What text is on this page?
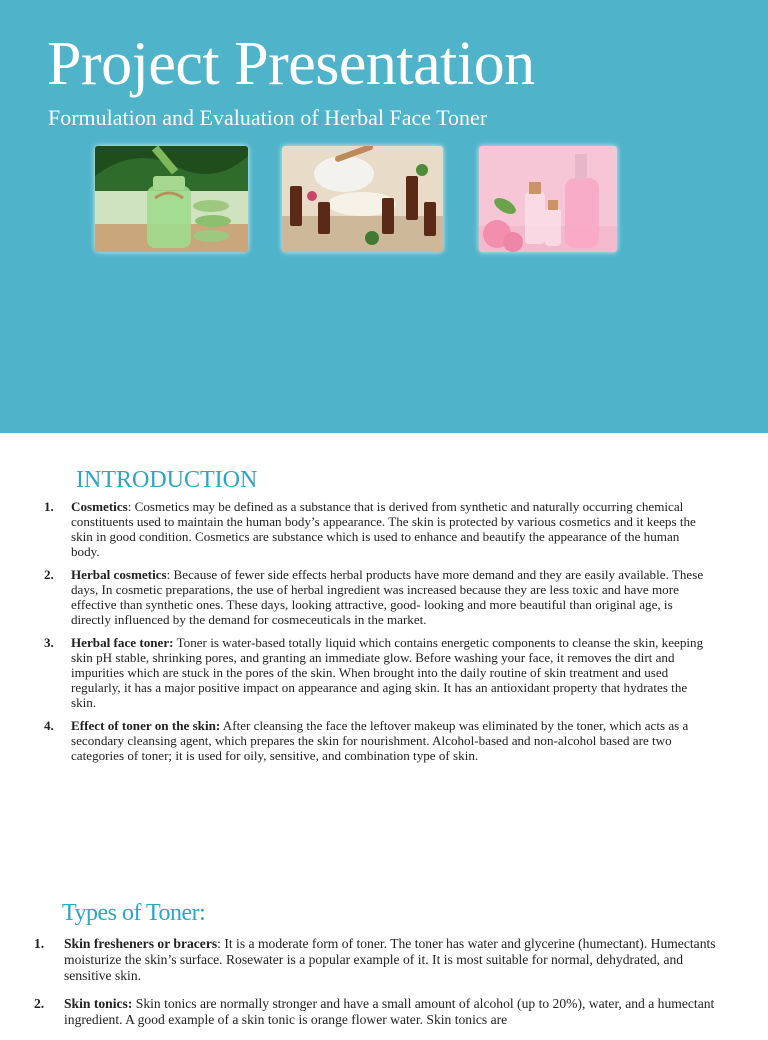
Project Presentation

Formulation and Evaluation of Herbal Face Toner

INTRODUCTION
1.	Cosmetics: Cosmetics may be defined as a substance that is derived from synthetic and naturally occurring chemical constituents used to maintain the human body’s appearance. The skin is protected by various cosmetics and it keeps the skin in good condition. Cosmetics are substance which is used to enhance and beautify the appearance of the human body.
2.	Herbal cosmetics: Because of fewer side effects herbal products have more demand and they are easily available. These days, In cosmetic preparations, the use of herbal ingredient was increased because they are less toxic and have more effective than synthetic ones. These days, looking attractive, good- looking and more beautiful than original age, is directly influenced by the demand for cosmeceuticals in the market.
3.	Herbal face toner: Toner is water-based totally liquid which contains energetic components to cleanse the skin, keeping skin pH stable, shrinking pores, and granting an immediate glow. Before washing your face, it removes the dirt and impurities which are stuck in the pores of the skin. When brought into the daily routine of skin treatment and used regularly, it has a major positive impact on appearance and aging skin. It has an antioxidant property that hydrates the skin.
4.	Effect of toner on the skin: After cleansing the face the leftover makeup was eliminated by the toner, which acts as a secondary cleansing agent, which prepares the skin for nourishment. Alcohol-based and non-alcohol based are two categories of toner; it is used for oily, sensitive, and combination type of skin.
Types of Toner:
1.	Skin fresheners or bracers: It is a moderate form of toner. The toner has water and glycerine (humectant). Humectants moisturize the skin’s surface. Rosewater is a popular example of it. It is most suitable for normal, dehydrated, and sensitive skin.
2.	Skin tonics: Skin tonics are normally stronger and have a small amount of alcohol (up to 20%), water, and a humectant ingredient. A good example of a skin tonic is orange flower water. Skin tonics are
